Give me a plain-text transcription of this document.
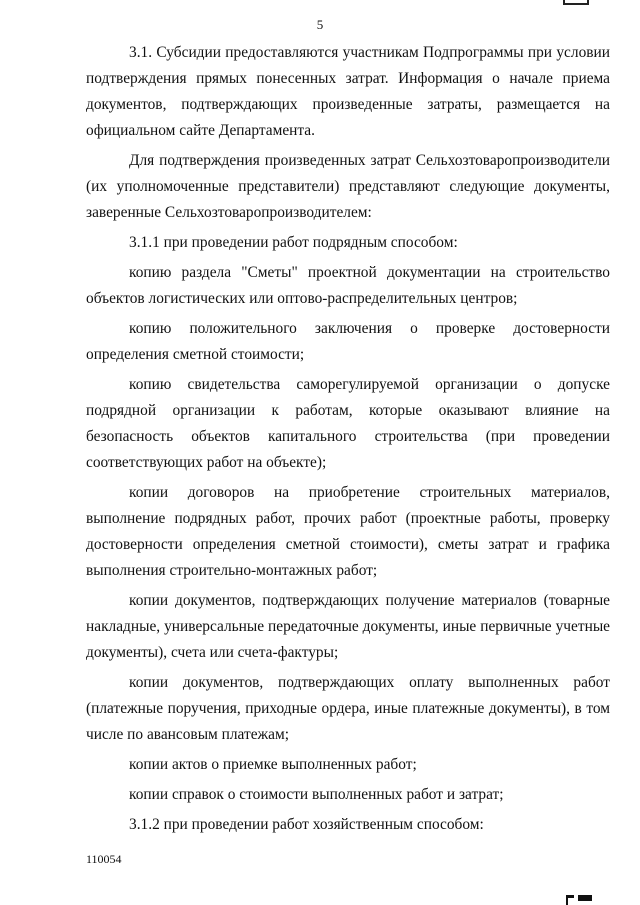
5

3.1. Субсидии предоставляются участникам Подпрограммы при условии подтверждения прямых понесенных затрат. Информация о начале приема документов, подтверждающих произведенные затраты, размещается на официальном сайте Департамента.

Для подтверждения произведенных затрат Сельхозтоваропроизводители (их уполномоченные представители) представляют следующие документы, заверенные Сельхозтоваропроизводителем:

3.1.1 при проведении работ подрядным способом:

копию раздела "Сметы" проектной документации на строительство объектов логистических или оптово-распределительных центров;

копию положительного заключения о проверке достоверности определения сметной стоимости;

копию свидетельства саморегулируемой организации о допуске подрядной организации к работам, которые оказывают влияние на безопасность объектов капитального строительства (при проведении соответствующих работ на объекте);

копии договоров на приобретение строительных материалов, выполнение подрядных работ, прочих работ (проектные работы, проверку достоверности определения сметной стоимости), сметы затрат и графика выполнения строительно-монтажных работ;

копии документов, подтверждающих получение материалов (товарные накладные, универсальные передаточные документы, иные первичные учетные документы), счета или счета-фактуры;

копии документов, подтверждающих оплату выполненных работ (платежные поручения, приходные ордера, иные платежные документы), в том числе по авансовым платежам;

копии актов о приемке выполненных работ;

копии справок о стоимости выполненных работ и затрат;

3.1.2 при проведении работ хозяйственным способом:

110054
